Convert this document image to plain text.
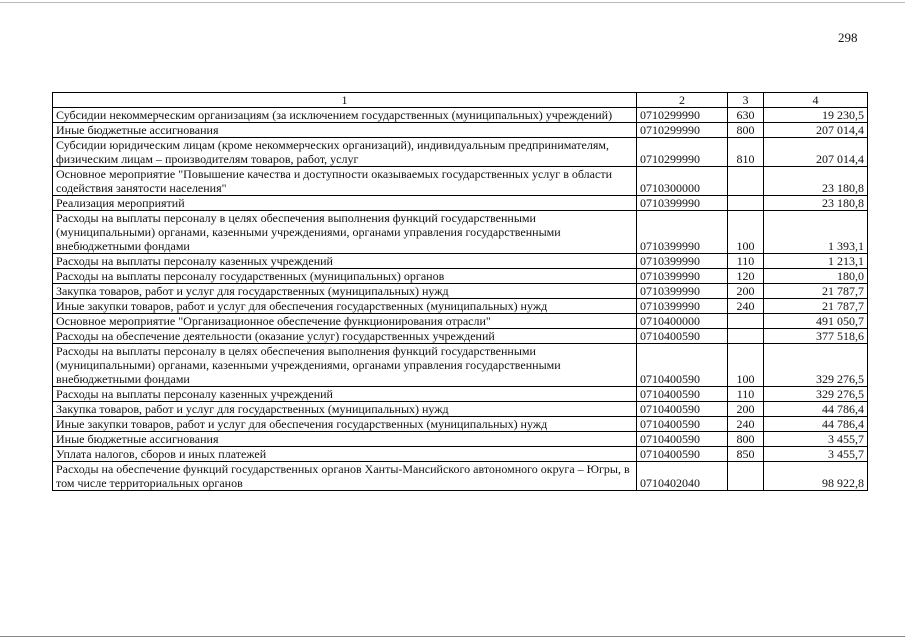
298
1	2	3	4
Субсидии некоммерческим организациям (за исключением государственных (муниципальных) учреждений)	0710299990	630	19 230,5
Иные бюджетные ассигнования	0710299990	800	207 014,4
Субсидии юридическим лицам (кроме некоммерческих организаций), индивидуальным предпринимателям, физическим лицам – производителям товаров, работ, услуг	0710299990	810	207 014,4
Основное мероприятие "Повышение качества и доступности оказываемых государственных услуг в области содействия занятости населения"	0710300000		23 180,8
Реализация мероприятий	0710399990		23 180,8
Расходы на выплаты персоналу в целях обеспечения выполнения функций государственными (муниципальными) органами, казенными учреждениями, органами управления государственными внебюджетными фондами	0710399990	100	1 393,1
Расходы на выплаты персоналу казенных учреждений	0710399990	110	1 213,1
Расходы на выплаты персоналу государственных (муниципальных) органов	0710399990	120	180,0
Закупка товаров, работ и услуг для государственных (муниципальных) нужд	0710399990	200	21 787,7
Иные закупки товаров, работ и услуг для обеспечения государственных (муниципальных) нужд	0710399990	240	21 787,7
Основное мероприятие "Организационное обеспечение функционирования отрасли"	0710400000		491 050,7
Расходы на обеспечение деятельности (оказание услуг) государственных учреждений	0710400590		377 518,6
Расходы на выплаты персоналу в целях обеспечения выполнения функций государственными (муниципальными) органами, казенными учреждениями, органами управления государственными внебюджетными фондами	0710400590	100	329 276,5
Расходы на выплаты персоналу казенных учреждений	0710400590	110	329 276,5
Закупка товаров, работ и услуг для государственных (муниципальных) нужд	0710400590	200	44 786,4
Иные закупки товаров, работ и услуг для обеспечения государственных (муниципальных) нужд	0710400590	240	44 786,4
Иные бюджетные ассигнования	0710400590	800	3 455,7
Уплата налогов, сборов и иных платежей	0710400590	850	3 455,7
Расходы на обеспечение функций государственных органов Ханты-Мансийского автономного округа – Югры, в том числе территориальных органов	0710402040		98 922,8
